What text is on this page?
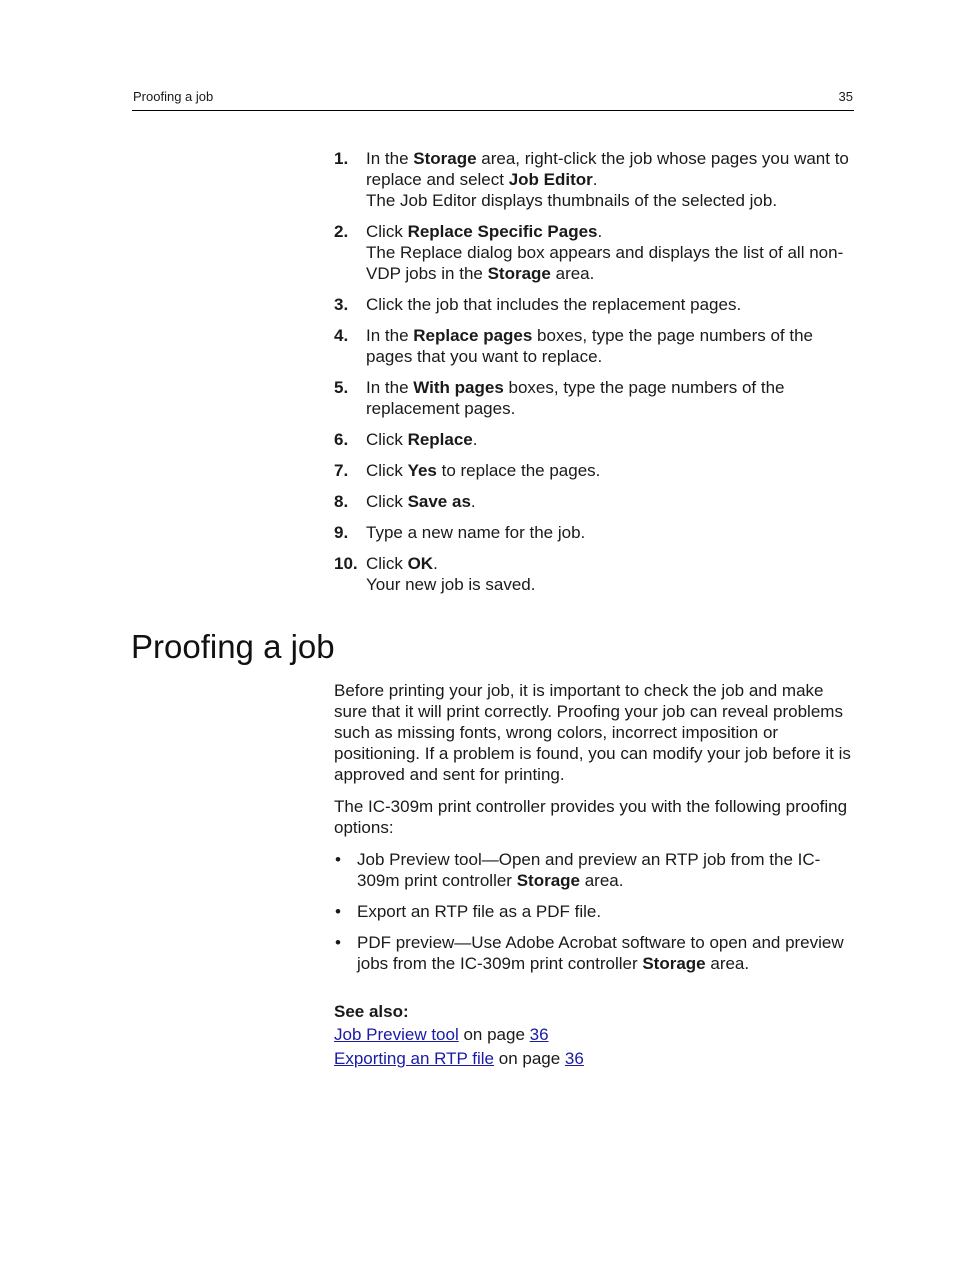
Proofing a job	35
1. In the Storage area, right-click the job whose pages you want to replace and select Job Editor.
The Job Editor displays thumbnails of the selected job.
2. Click Replace Specific Pages.
The Replace dialog box appears and displays the list of all non-VDP jobs in the Storage area.
3. Click the job that includes the replacement pages.
4. In the Replace pages boxes, type the page numbers of the pages that you want to replace.
5. In the With pages boxes, type the page numbers of the replacement pages.
6. Click Replace.
7. Click Yes to replace the pages.
8. Click Save as.
9. Type a new name for the job.
10. Click OK.
Your new job is saved.
Proofing a job

Before printing your job, it is important to check the job and make sure that it will print correctly. Proofing your job can reveal problems such as missing fonts, wrong colors, incorrect imposition or positioning. If a problem is found, you can modify your job before it is approved and sent for printing.

The IC-309m print controller provides you with the following proofing options:

• Job Preview tool—Open and preview an RTP job from the IC-309m print controller Storage area.
• Export an RTP file as a PDF file.
• PDF preview—Use Adobe Acrobat software to open and preview jobs from the IC-309m print controller Storage area.
See also:
Job Preview tool on page 36
Exporting an RTP file on page 36
